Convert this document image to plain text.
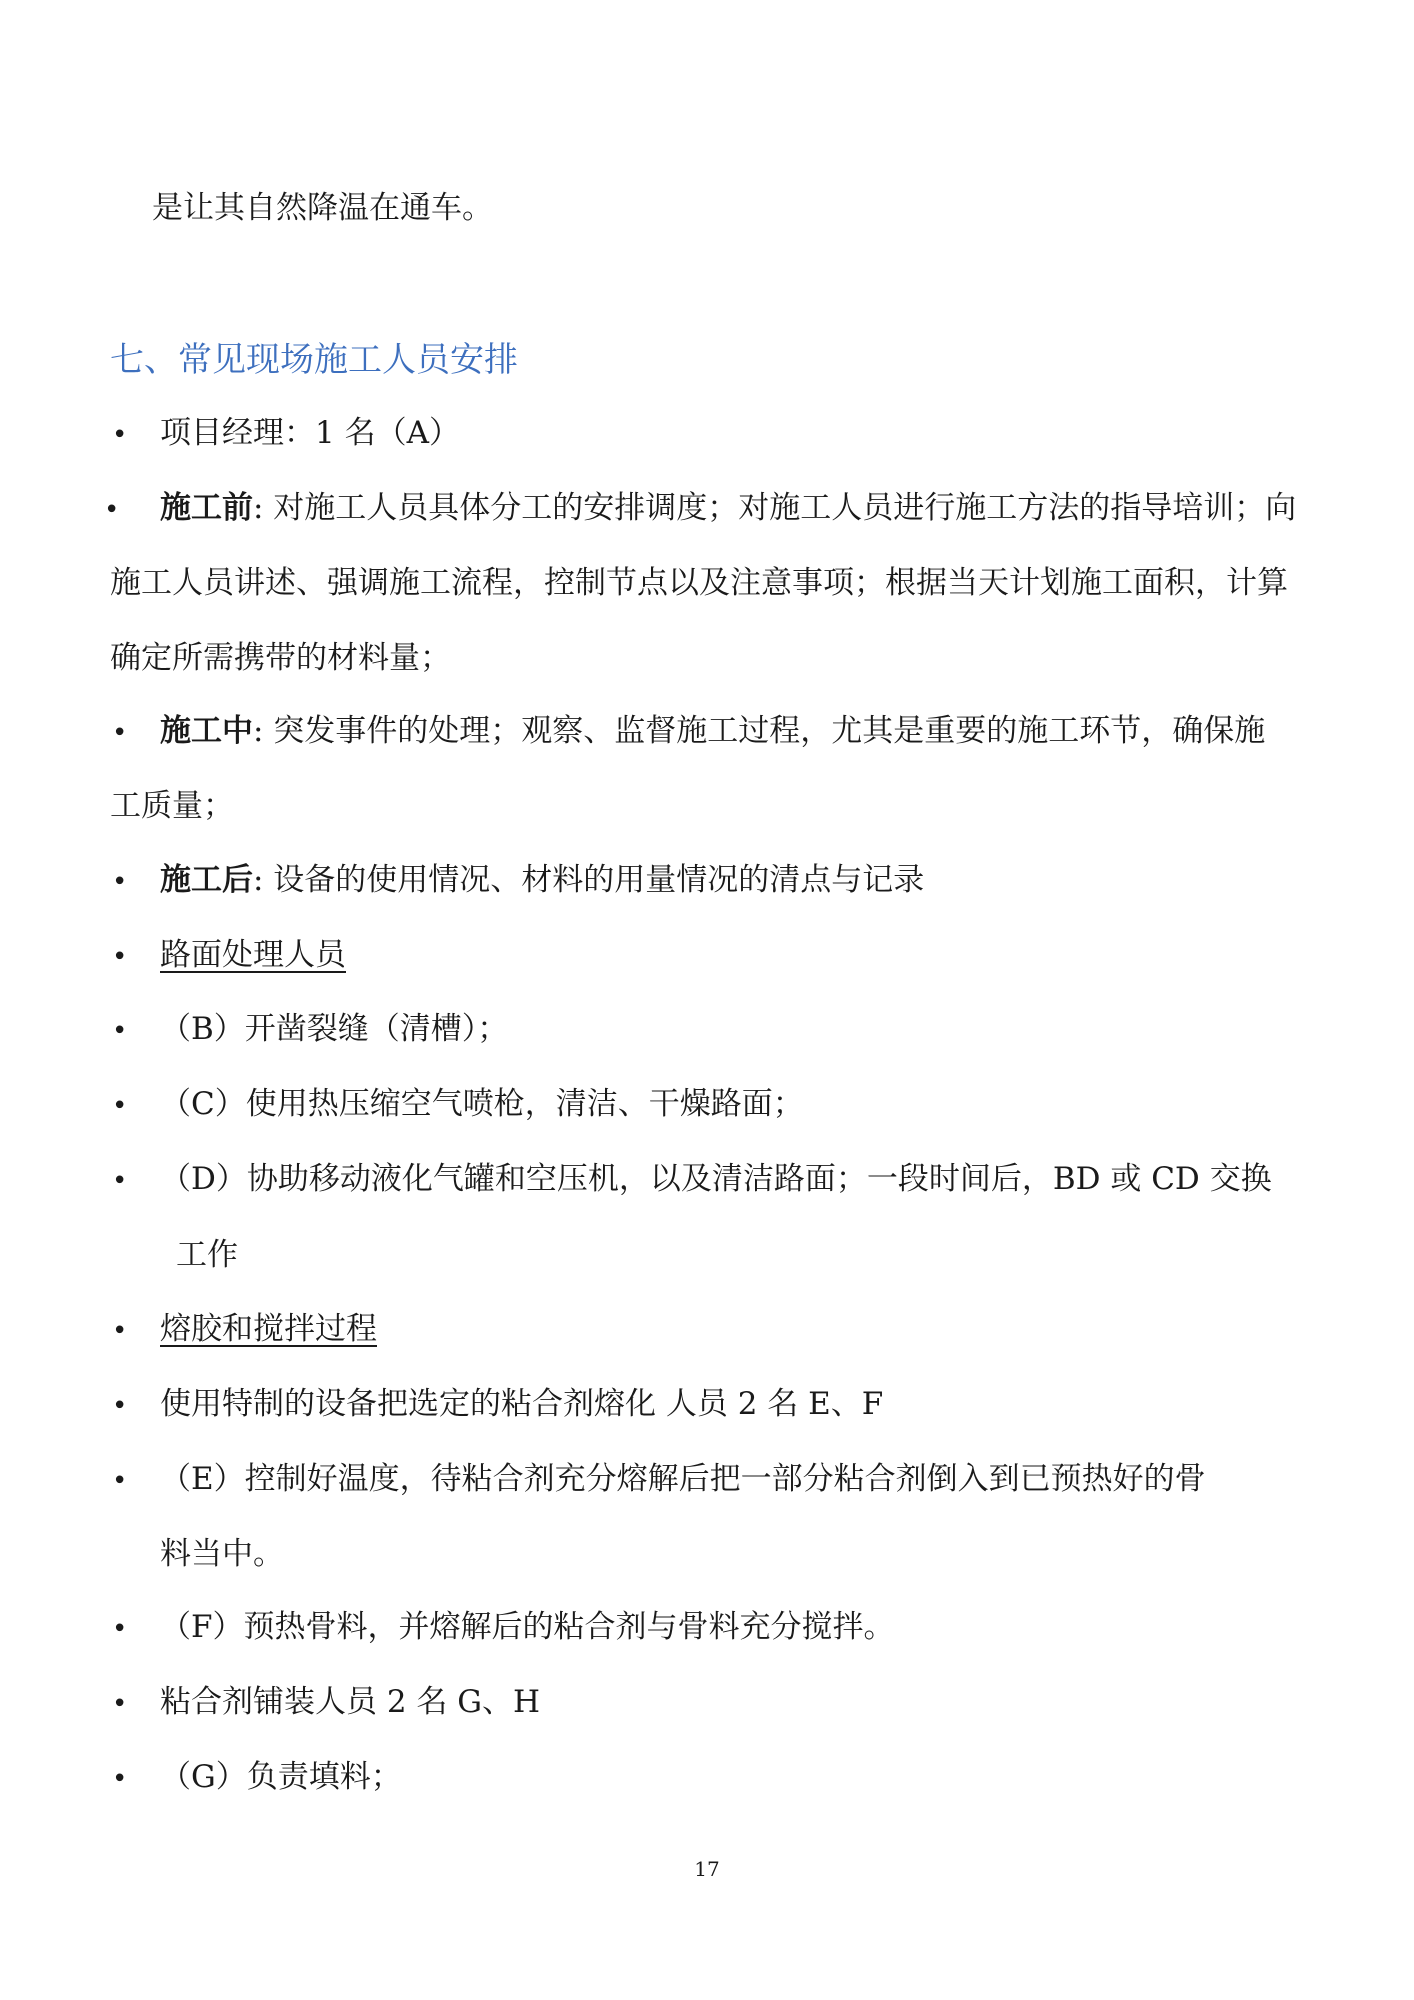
是让其自然降温在通车。
七、常见现场施工人员安排
• 项目经理：1 名（A）
• 施工前: 对施工人员具体分工的安排调度；对施工人员进行施工方法的指导培训；向
施工人员讲述、强调施工流程，控制节点以及注意事项；根据当天计划施工面积，计算
确定所需携带的材料量；
• 施工中: 突发事件的处理；观察、监督施工过程，尤其是重要的施工环节，确保施
工质量；
• 施工后: 设备的使用情况、材料的用量情况的清点与记录
• 路面处理人员
• （B）开凿裂缝（清槽）；
• （C）使用热压缩空气喷枪，清洁、干燥路面；
• （D）协助移动液化气罐和空压机，以及清洁路面；一段时间后，BD 或 CD 交换
工作
• 熔胶和搅拌过程
• 使用特制的设备把选定的粘合剂熔化 人员 2 名 E、F
• （E）控制好温度，待粘合剂充分熔解后把一部分粘合剂倒入到已预热好的骨
料当中。
• （F）预热骨料，并熔解后的粘合剂与骨料充分搅拌。
• 粘合剂铺装人员 2 名 G、H
• （G）负责填料；
17
